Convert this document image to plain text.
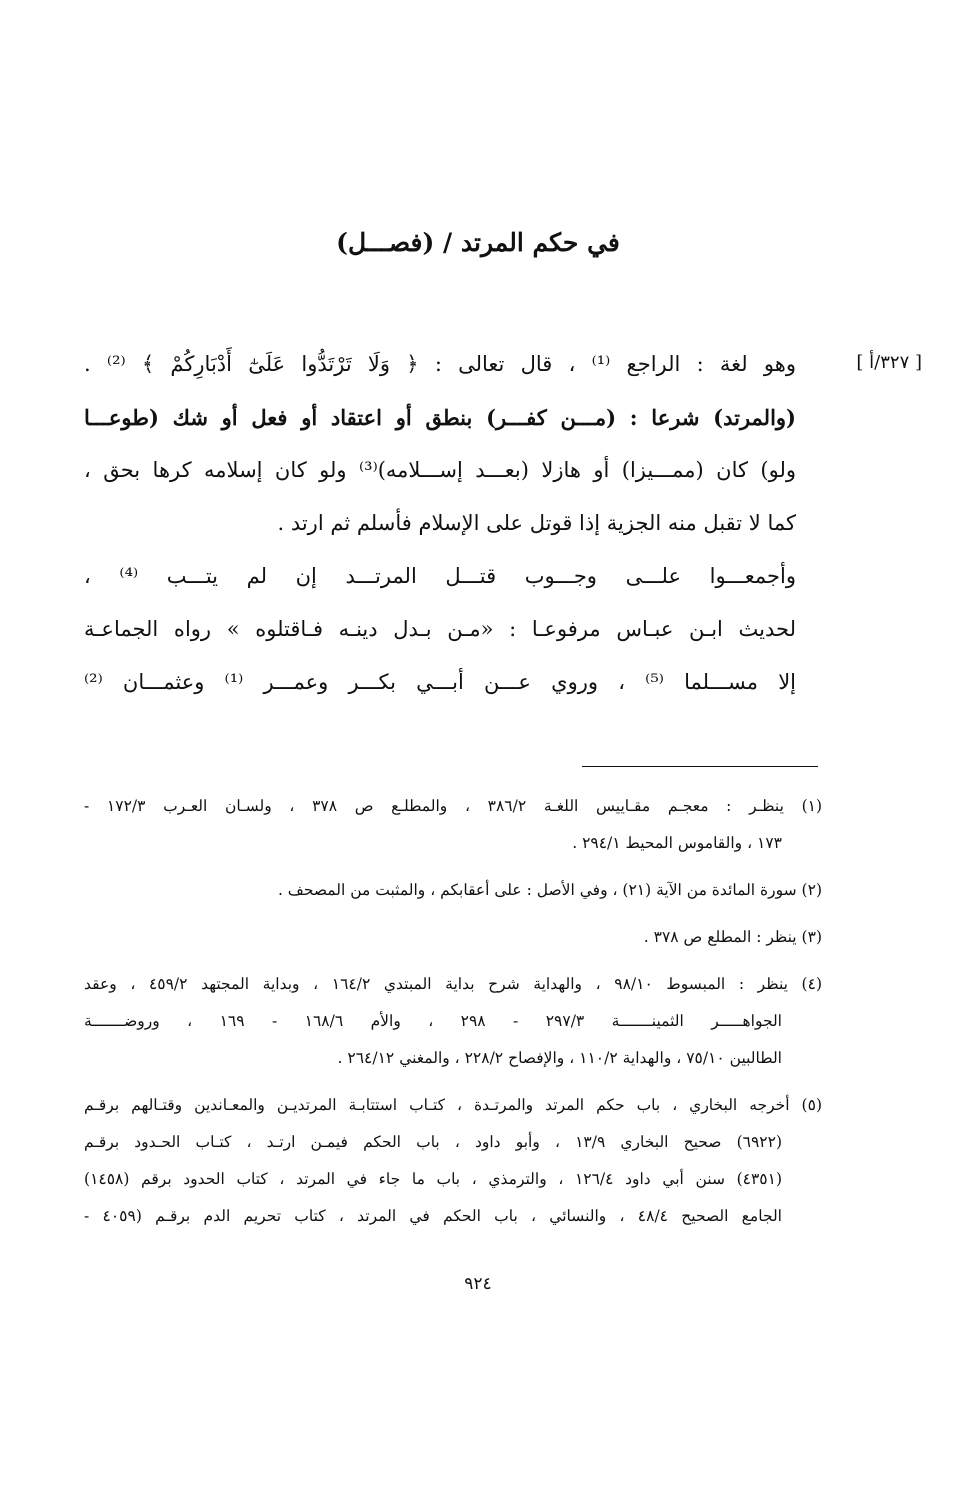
(فصـــل) / في حكم المرتد
[ ٣٢٧/أ ]
وهو لغة : الراجع ⁽¹⁾ ، قال تعالى : ﴿ وَلَا تَرْتَدُّوا عَلَىٰٓ أَدْبَارِكُمْ ﴾ ⁽²⁾ .
(والمرتد) شرعا : (مـــن كفـــر) بنطق أو اعتقاد أو فعل أو شك (طوعـــا
ولو) كان (ممـــيزا) أو هازلا (بعـــد إســـلامه)⁽³⁾ ولو كان إسلامه كرها بحق ،
كما لا تقبل منه الجزية إذا قوتل على الإسلام فأسلم ثم ارتد .
وأجمعـــوا علـــى وجـــوب قتـــل المرتـــد إن لم يتـــب ⁽⁴⁾ ،
لحديث ابـن عبـاس مرفوعـا : «مـن بـدل دينـه فـاقتلوه » رواه الجماعـة
إلا مســـلما ⁽⁵⁾ ، وروي عـــن أبـــي بكـــر وعمـــر ⁽¹⁾ وعثمـــان ⁽²⁾
(١) ينظـر : معجـم مقـاييس اللغـة ٣٨٦/٢ ، والمطلـع ص ٣٧٨ ، ولسـان العـرب ١٧٢/٣ -
١٧٣ ، والقاموس المحيط ٢٩٤/١ .
(٢) سورة المائدة من الآية (٢١) ، وفي الأصل : على أعقابكم ، والمثبت من المصحف .
(٣) ينظر : المطلع ص ٣٧٨ .
(٤) ينظر : المبسوط ٩٨/١٠ ، والهداية شرح بداية المبتدي ١٦٤/٢ ، وبداية المجتهد ٤٥٩/٢ ، وعقد
الجواهـــــر الثمينـــــــة ٢٩٧/٣ - ٢٩٨ ، والأم ١٦٨/٦ - ١٦٩ ، وروضـــــــة
الطالبين ٧٥/١٠ ، والهداية ١١٠/٢ ، والإفصاح ٢٢٨/٢ ، والمغني ٢٦٤/١٢ .
(٥) أخرجه البخاري ، باب حكم المرتد والمرتـدة ، كتـاب استتابـة المرتديـن والمعـاندين وقتـالهم برقـم
(٦٩٢٢) صحيح البخاري ١٣/٩ ، وأبو داود ، باب الحكم فيمـن ارتـد ، كتـاب الحـدود برقـم
(٤٣٥١) سنن أبي داود ١٢٦/٤ ، والترمذي ، باب ما جاء في المرتد ، كتاب الحدود برقم (١٤٥٨)
الجامع الصحيح ٤٨/٤ ، والنسائي ، باب الحكم في المرتد ، كتاب تحريم الدم برقـم (٤٠٥٩ -
٩٢٤
